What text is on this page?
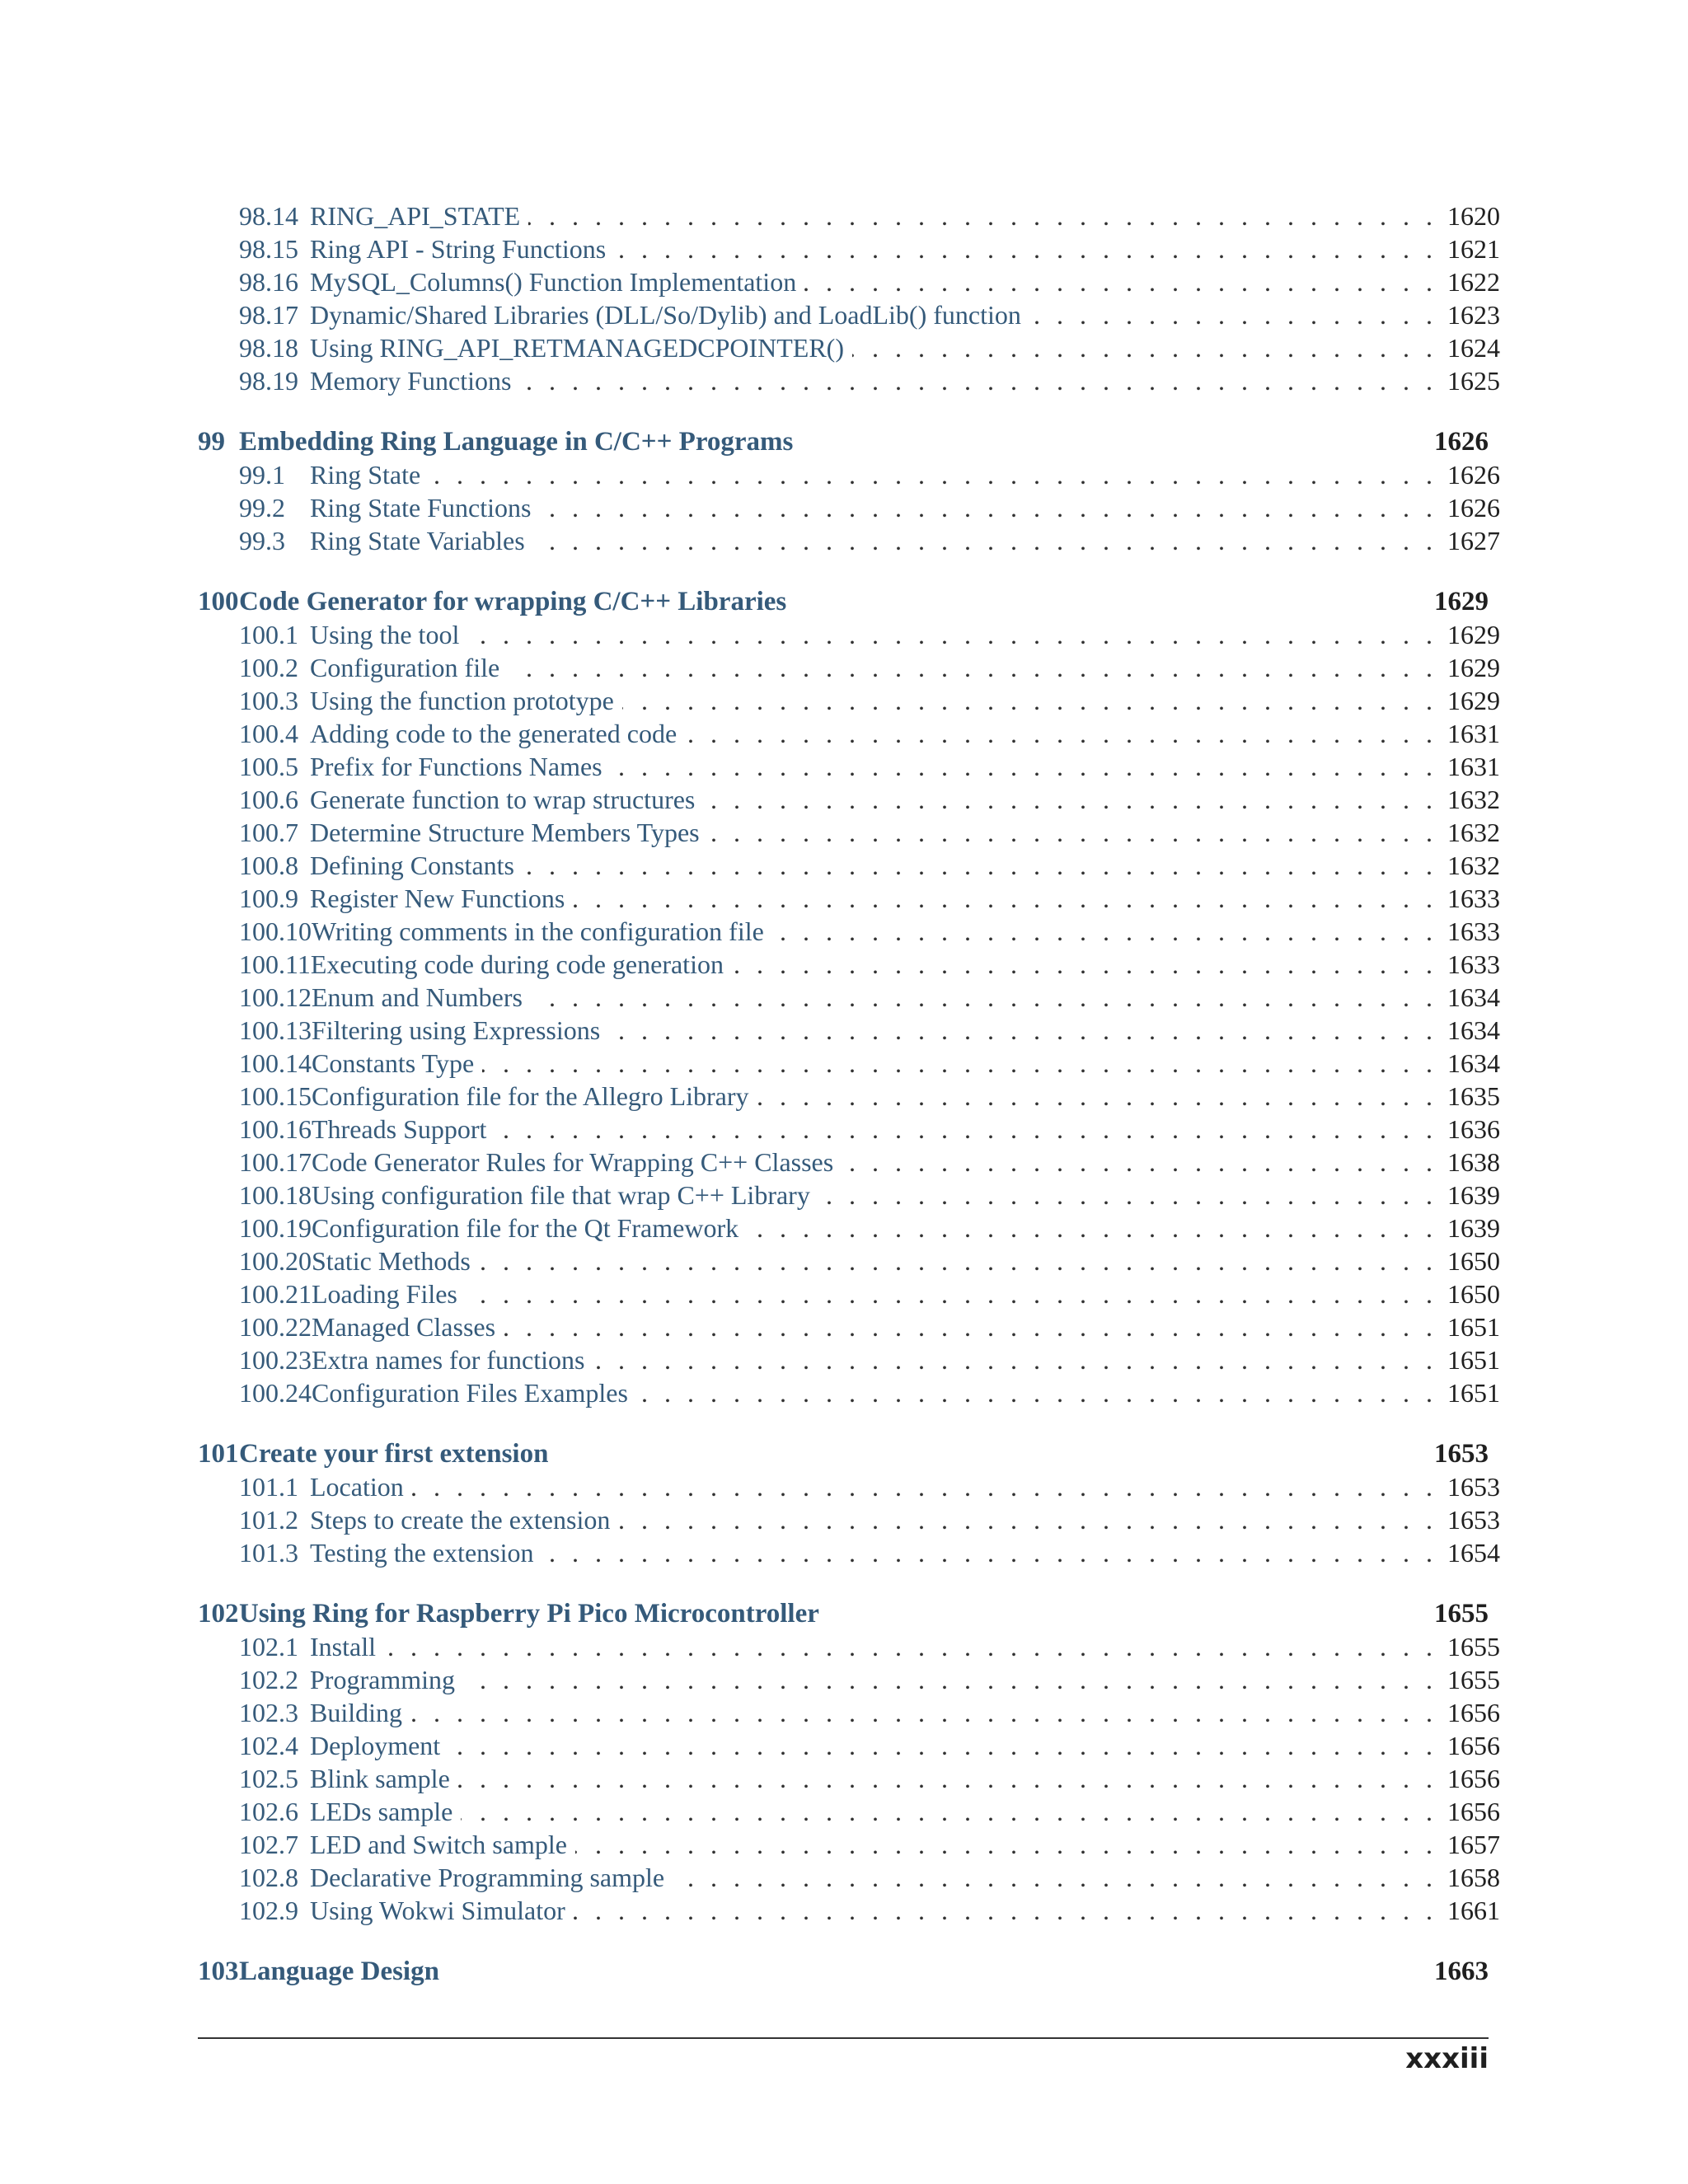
98.14 RING_API_STATE . . .	1620
98.15 Ring API - String Functions . . .	1621
98.16 MySQL_Columns() Function Implementation . . .	1622
98.17 Dynamic/Shared Libraries (DLL/So/Dylib) and LoadLib() function . . .	1623
98.18 Using RING_API_RETMANAGEDCPOINTER() . . .	1624
98.19 Memory Functions . . .	1625
99 Embedding Ring Language in C/C++ Programs	1626
99.1 Ring State . . .	1626
99.2 Ring State Functions . . .	1626
99.3 Ring State Variables . . .	1627
100 Code Generator for wrapping C/C++ Libraries	1629
100.1 Using the tool . . .	1629
100.2 Configuration file . . .	1629
100.3 Using the function prototype . . .	1629
100.4 Adding code to the generated code . . .	1631
100.5 Prefix for Functions Names . . .	1631
100.6 Generate function to wrap structures . . .	1632
100.7 Determine Structure Members Types . . .	1632
100.8 Defining Constants . . .	1632
100.9 Register New Functions . . .	1633
100.10 Writing comments in the configuration file . . .	1633
100.11 Executing code during code generation . . .	1633
100.12 Enum and Numbers . . .	1634
100.13 Filtering using Expressions . . .	1634
100.14 Constants Type . . .	1634
100.15 Configuration file for the Allegro Library . . .	1635
100.16 Threads Support . . .	1636
100.17 Code Generator Rules for Wrapping C++ Classes . . .	1638
100.18 Using configuration file that wrap C++ Library . . .	1639
100.19 Configuration file for the Qt Framework . . .	1639
100.20 Static Methods . . .	1650
100.21 Loading Files . . .	1650
100.22 Managed Classes . . .	1651
100.23 Extra names for functions . . .	1651
100.24 Configuration Files Examples . . .	1651
101 Create your first extension	1653
101.1 Location . . .	1653
101.2 Steps to create the extension . . .	1653
101.3 Testing the extension . . .	1654
102 Using Ring for Raspberry Pi Pico Microcontroller	1655
102.1 Install . . .	1655
102.2 Programming . . .	1655
102.3 Building . . .	1656
102.4 Deployment . . .	1656
102.5 Blink sample . . .	1656
102.6 LEDs sample . . .	1656
102.7 LED and Switch sample . . .	1657
102.8 Declarative Programming sample . . .	1658
102.9 Using Wokwi Simulator . . .	1661
103 Language Design	1663
xxxiii
